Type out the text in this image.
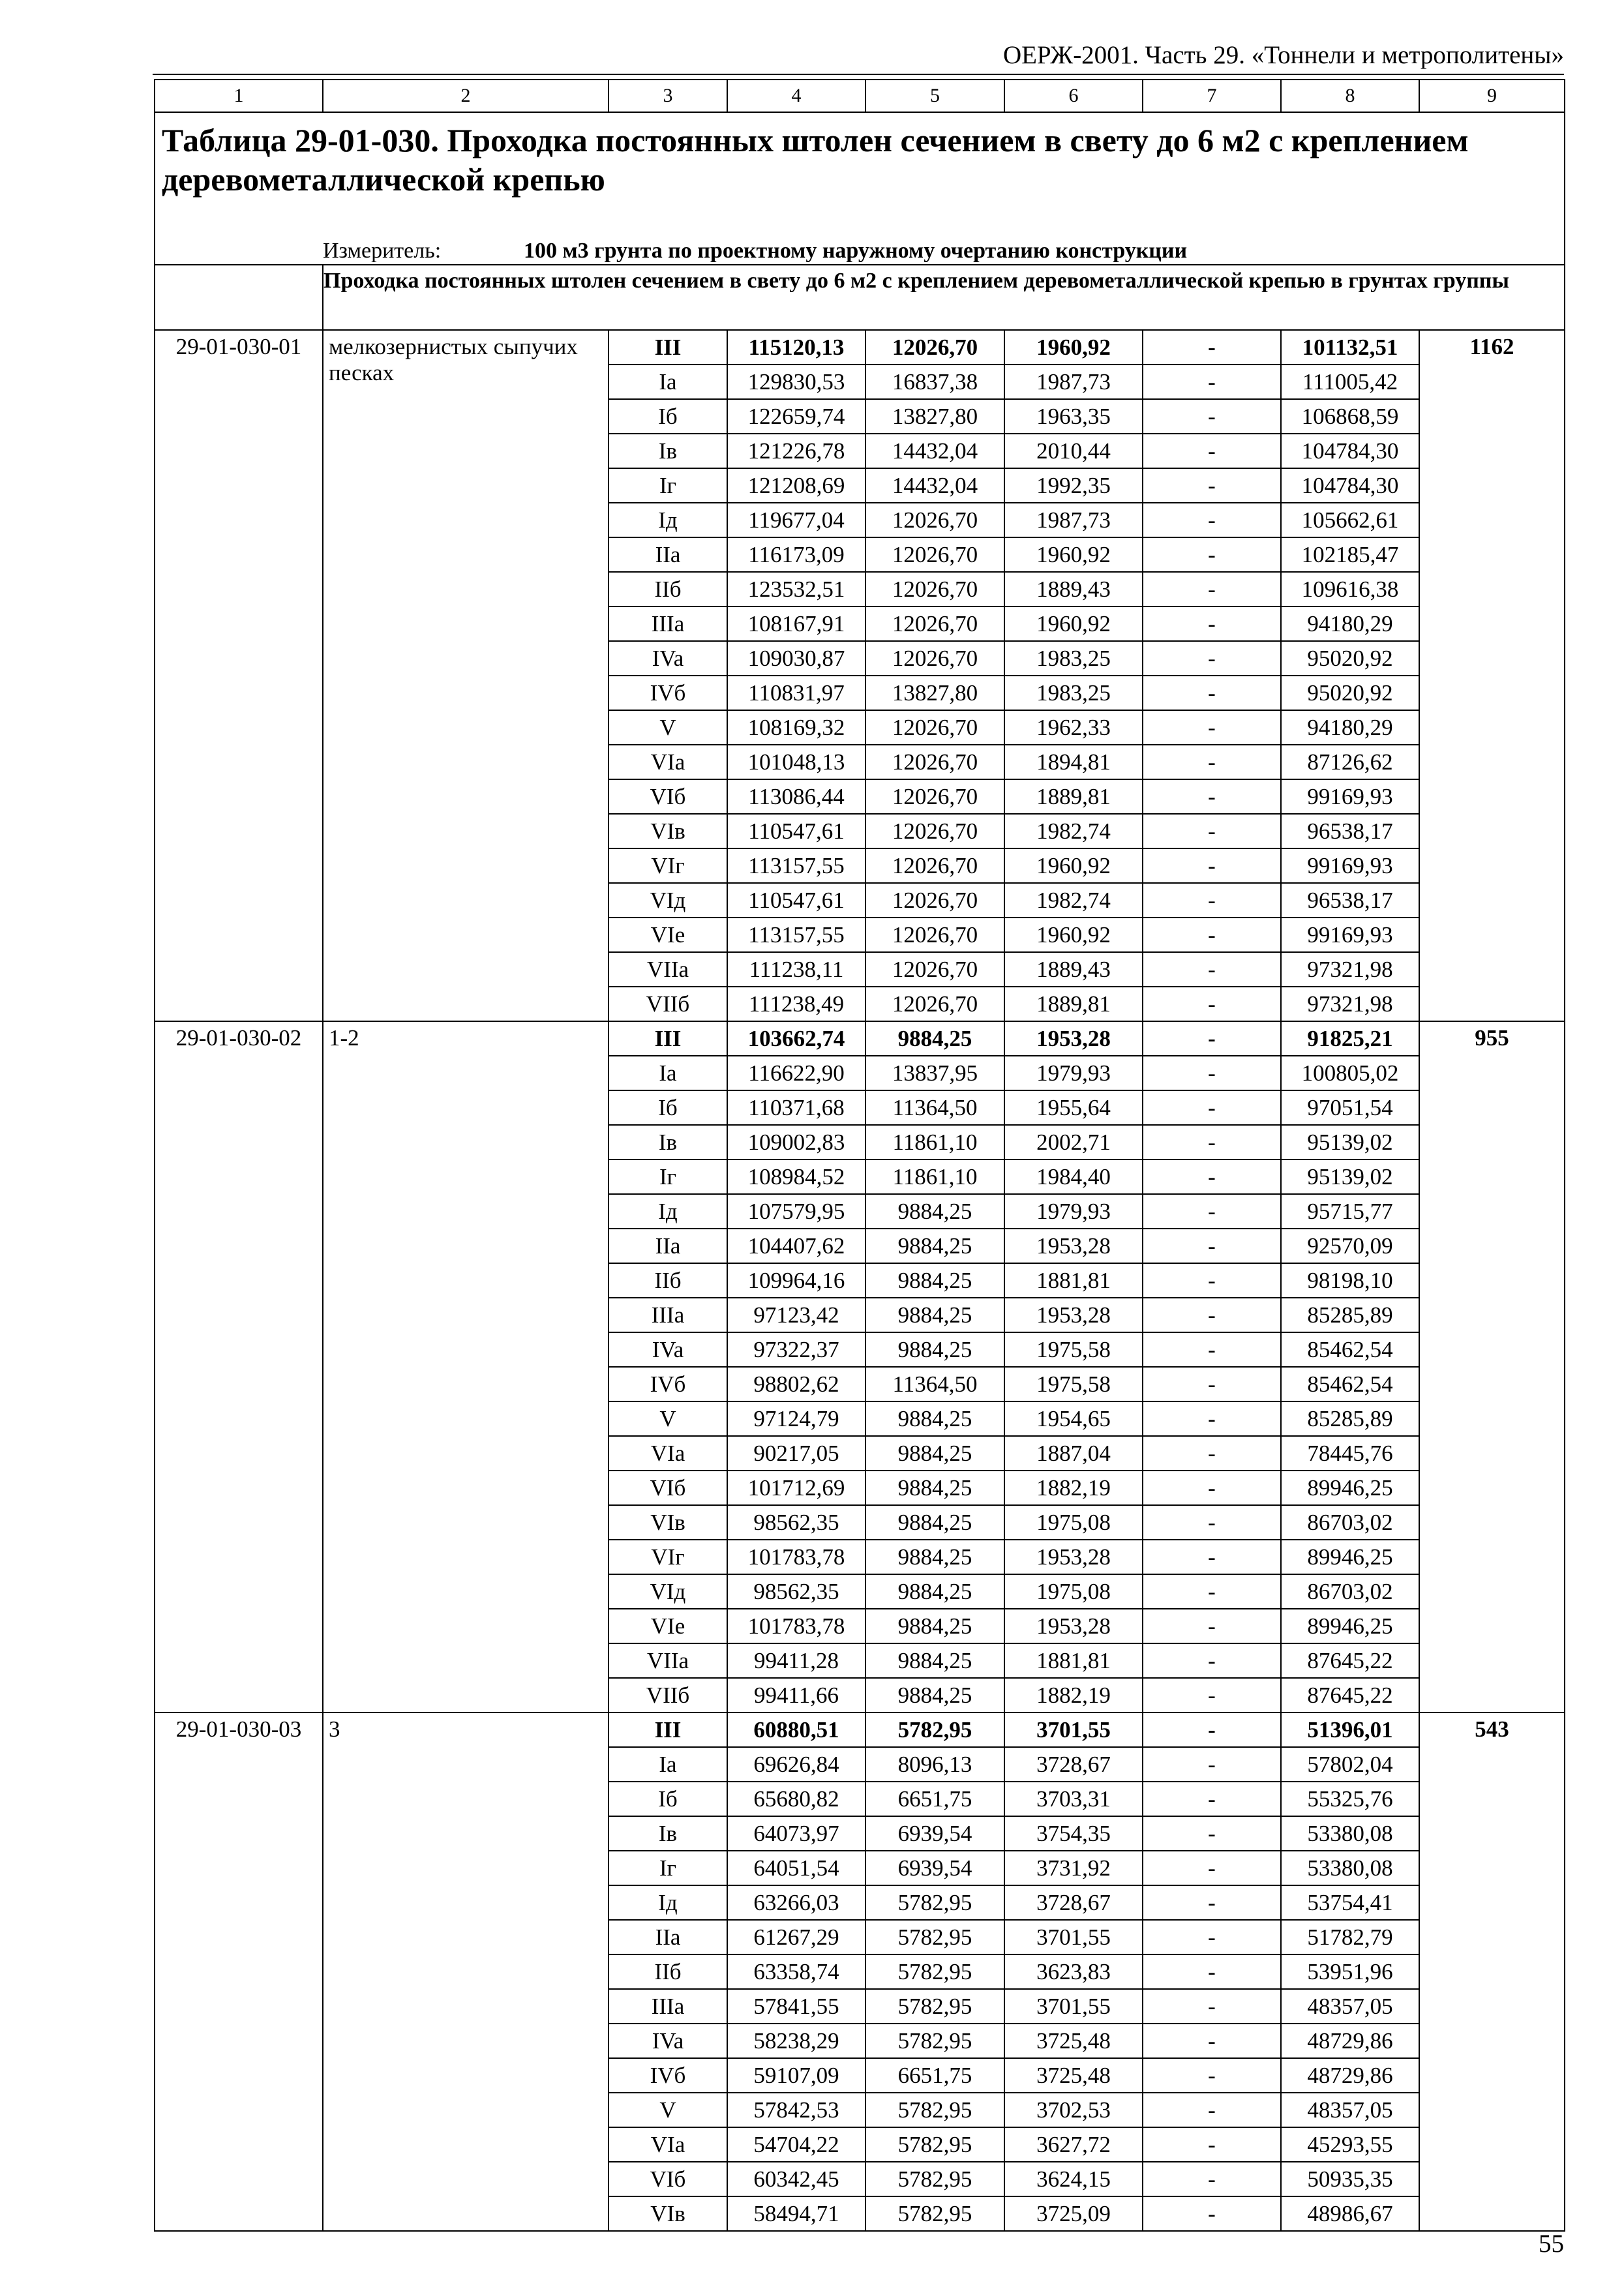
ОЕРЖ-2001. Часть 29. «Тоннели и метрополитены»
1	2	3	4	5	6	7	8	9
Таблица 29-01-030. Проходка постоянных штолен сечением в свету до 6 м2 с креплением деревометаллической крепью								
	Измеритель: 100 м3 грунта по проектному наружному очертанию конструкции							
	Проходка постоянных штолен сечением в свету до 6 м2 с креплением деревометаллической крепью в грунтах группы							
29-01-030-01	мелкозернистых сыпучих песках	III	115120,13	12026,70	1960,92	-	101132,51	1162
		Ia	129830,53	16837,38	1987,73	-	111005,42	
		Iб	122659,74	13827,80	1963,35	-	106868,59	
		Iв	121226,78	14432,04	2010,44	-	104784,30	
		Iг	121208,69	14432,04	1992,35	-	104784,30	
		Iд	119677,04	12026,70	1987,73	-	105662,61	
		IIa	116173,09	12026,70	1960,92	-	102185,47	
		IIб	123532,51	12026,70	1889,43	-	109616,38	
		IIIa	108167,91	12026,70	1960,92	-	94180,29	
		IVa	109030,87	12026,70	1983,25	-	95020,92	
		IVб	110831,97	13827,80	1983,25	-	95020,92	
		V	108169,32	12026,70	1962,33	-	94180,29	
		VIa	101048,13	12026,70	1894,81	-	87126,62	
		VIб	113086,44	12026,70	1889,81	-	99169,93	
		VIв	110547,61	12026,70	1982,74	-	96538,17	
		VIг	113157,55	12026,70	1960,92	-	99169,93	
		VIд	110547,61	12026,70	1982,74	-	96538,17	
		VIe	113157,55	12026,70	1960,92	-	99169,93	
		VIIa	111238,11	12026,70	1889,43	-	97321,98	
		VIIб	111238,49	12026,70	1889,81	-	97321,98	
29-01-030-02	1-2	III	103662,74	9884,25	1953,28	-	91825,21	955
		Ia	116622,90	13837,95	1979,93	-	100805,02	
		Iб	110371,68	11364,50	1955,64	-	97051,54	
		Iв	109002,83	11861,10	2002,71	-	95139,02	
		Iг	108984,52	11861,10	1984,40	-	95139,02	
		Iд	107579,95	9884,25	1979,93	-	95715,77	
		IIa	104407,62	9884,25	1953,28	-	92570,09	
		IIб	109964,16	9884,25	1881,81	-	98198,10	
		IIIa	97123,42	9884,25	1953,28	-	85285,89	
		IVa	97322,37	9884,25	1975,58	-	85462,54	
		IVб	98802,62	11364,50	1975,58	-	85462,54	
		V	97124,79	9884,25	1954,65	-	85285,89	
		VIa	90217,05	9884,25	1887,04	-	78445,76	
		VIб	101712,69	9884,25	1882,19	-	89946,25	
		VIв	98562,35	9884,25	1975,08	-	86703,02	
		VIг	101783,78	9884,25	1953,28	-	89946,25	
		VIд	98562,35	9884,25	1975,08	-	86703,02	
		VIe	101783,78	9884,25	1953,28	-	89946,25	
		VIIa	99411,28	9884,25	1881,81	-	87645,22	
		VIIб	99411,66	9884,25	1882,19	-	87645,22	
29-01-030-03	3	III	60880,51	5782,95	3701,55	-	51396,01	543
		Ia	69626,84	8096,13	3728,67	-	57802,04	
		Iб	65680,82	6651,75	3703,31	-	55325,76	
		Iв	64073,97	6939,54	3754,35	-	53380,08	
		Iг	64051,54	6939,54	3731,92	-	53380,08	
		Iд	63266,03	5782,95	3728,67	-	53754,41	
		IIa	61267,29	5782,95	3701,55	-	51782,79	
		IIб	63358,74	5782,95	3623,83	-	53951,96	
		IIIa	57841,55	5782,95	3701,55	-	48357,05	
		IVa	58238,29	5782,95	3725,48	-	48729,86	
		IVб	59107,09	6651,75	3725,48	-	48729,86	
		V	57842,53	5782,95	3702,53	-	48357,05	
		VIa	54704,22	5782,95	3627,72	-	45293,55	
		VIб	60342,45	5782,95	3624,15	-	50935,35	
		VIв	58494,71	5782,95	3725,09	-	48986,67	
55
